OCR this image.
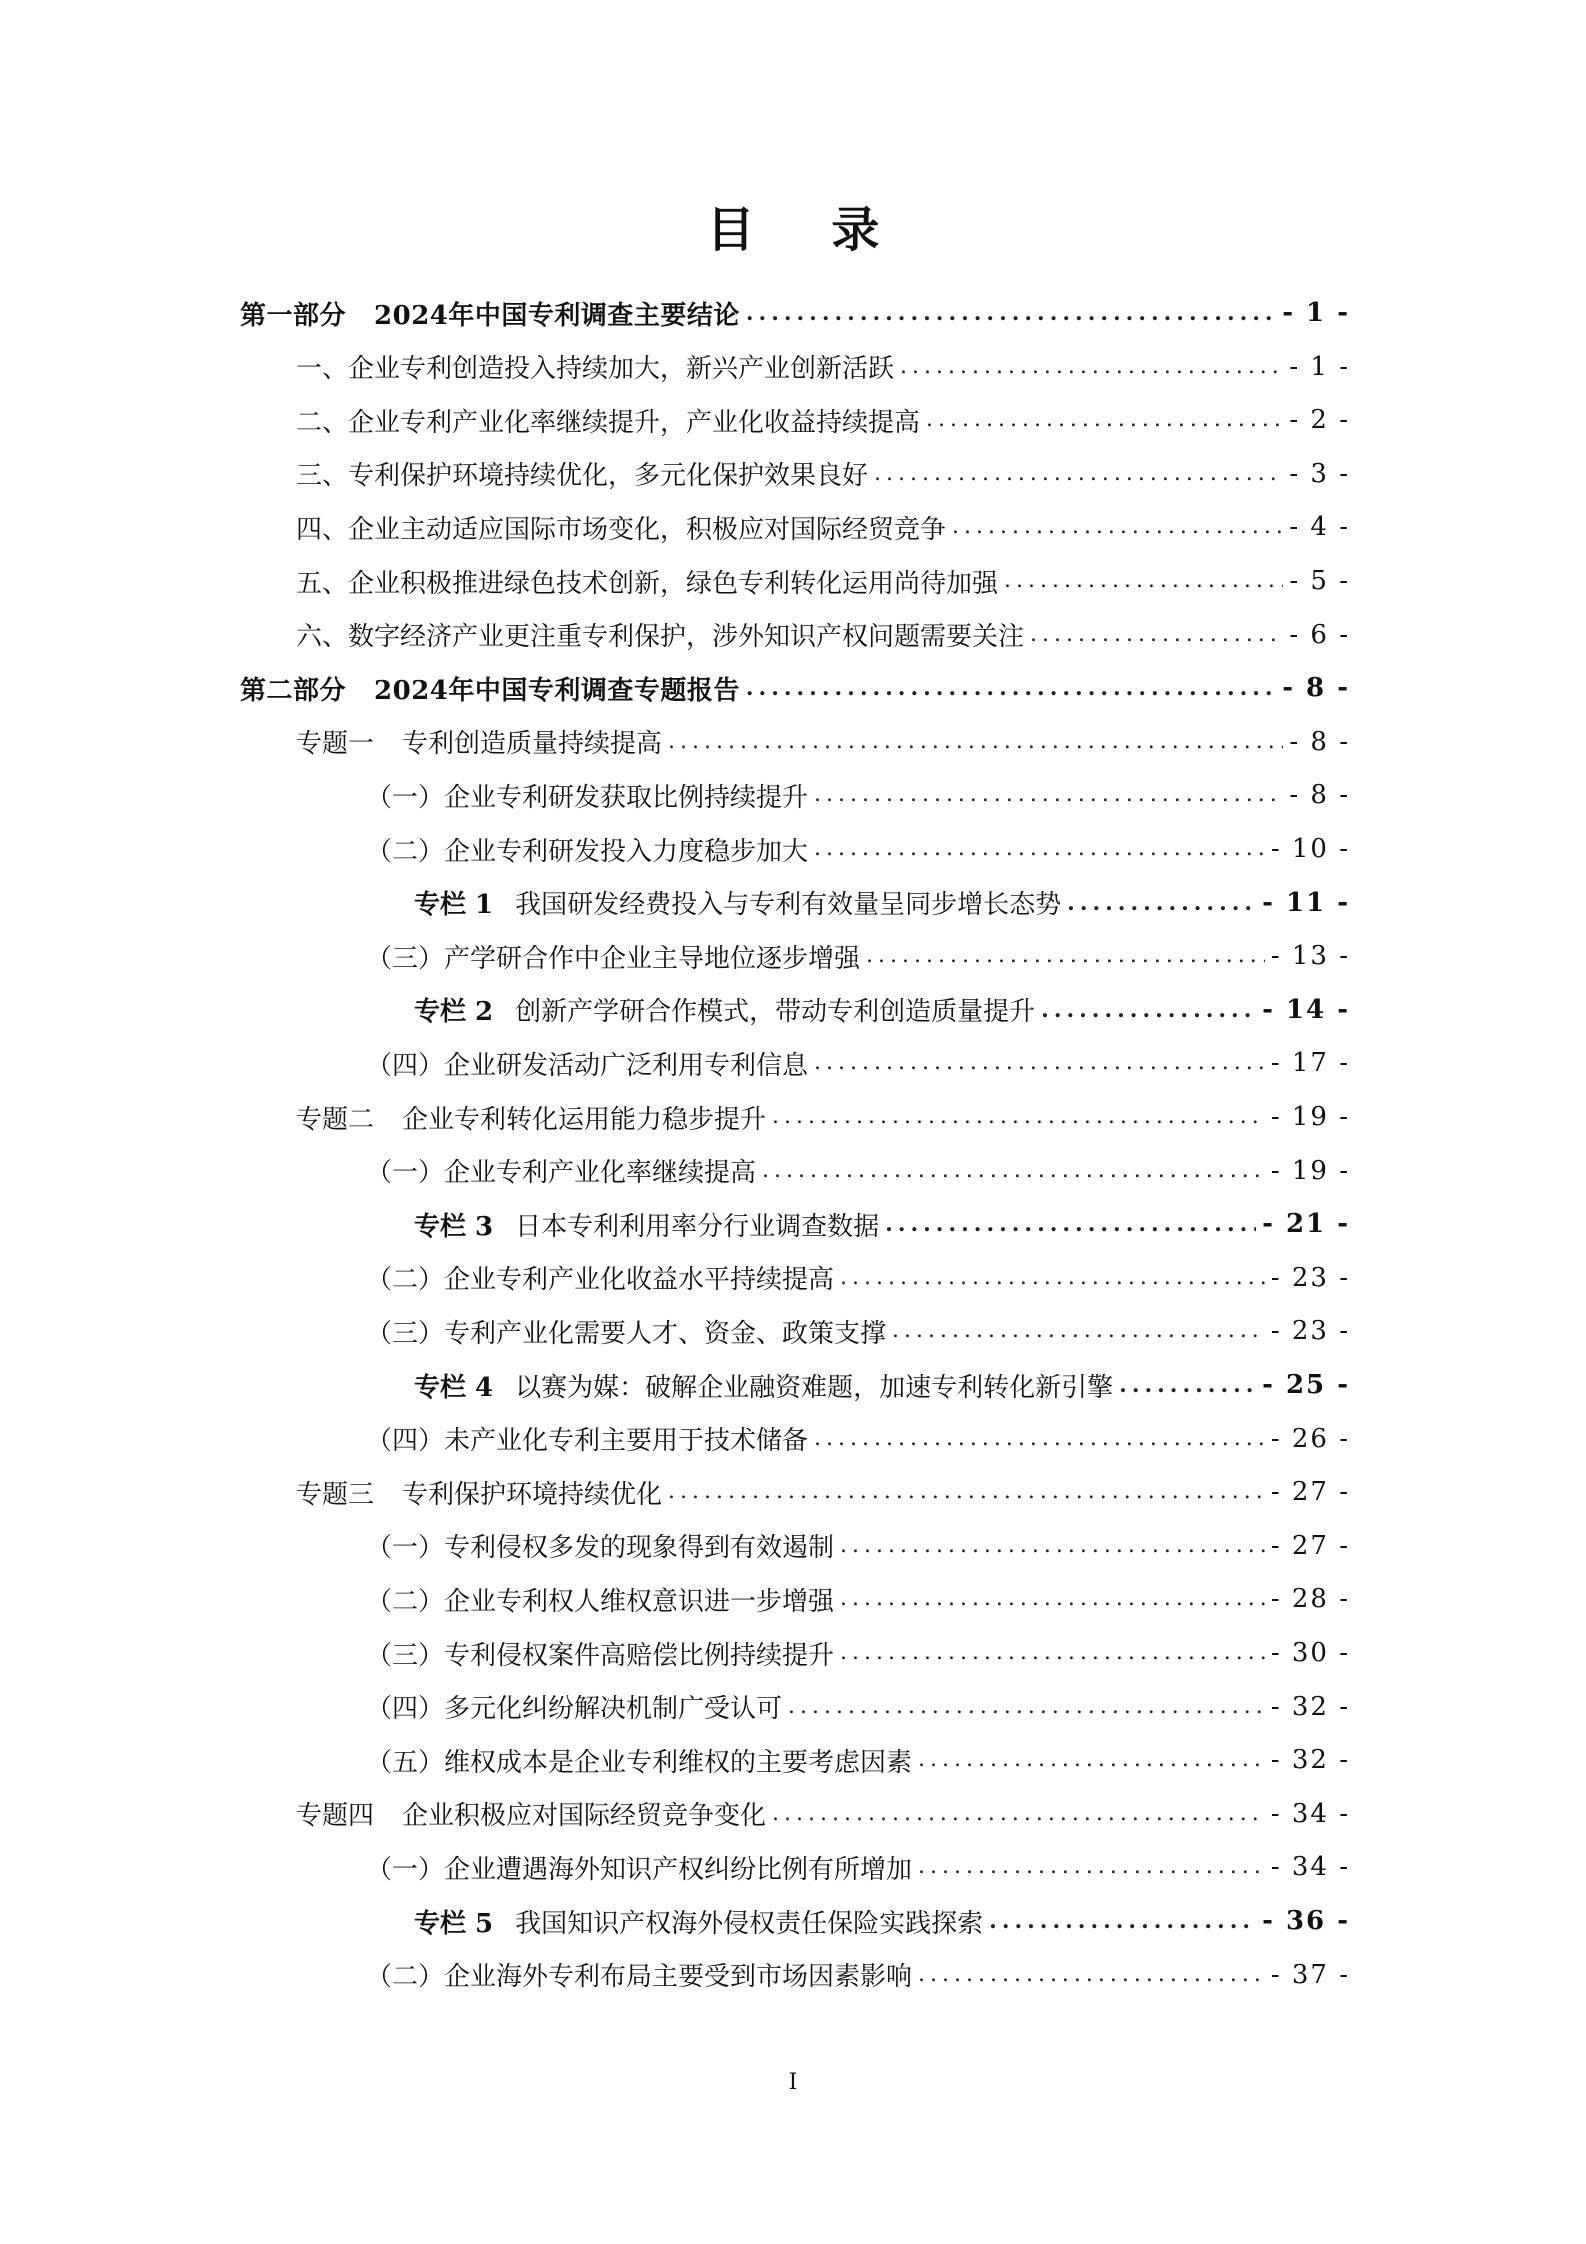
目 录
第一部分 2024年中国专利调查主要结论 .....	- 1 -
一、企业专利创造投入持续加大，新兴产业创新活跃 .....	- 1 -
二、企业专利产业化率继续提升，产业化收益持续提高 .....	- 2 -
三、专利保护环境持续优化，多元化保护效果良好 .....	- 3 -
四、企业主动适应国际市场变化，积极应对国际经贸竞争 .....	- 4 -
五、企业积极推进绿色技术创新，绿色专利转化运用尚待加强 .....	- 5 -
六、数字经济产业更注重专利保护，涉外知识产权问题需要关注 .....	- 6 -
第二部分 2024年中国专利调查专题报告 .....	- 8 -
专题一 专利创造质量持续提高 .....	- 8 -
（一）企业专利研发获取比例持续提升 .....	- 8 -
（二）企业专利研发投入力度稳步加大 .....	- 10 -
专栏 1 我国研发经费投入与专利有效量呈同步增长态势 .....	- 11 -
（三）产学研合作中企业主导地位逐步增强 .....	- 13 -
专栏 2 创新产学研合作模式，带动专利创造质量提升 .....	- 14 -
（四）企业研发活动广泛利用专利信息 .....	- 17 -
专题二 企业专利转化运用能力稳步提升 .....	- 19 -
（一）企业专利产业化率继续提高 .....	- 19 -
专栏 3 日本专利利用率分行业调查数据 .....	- 21 -
（二）企业专利产业化收益水平持续提高 .....	- 23 -
（三）专利产业化需要人才、资金、政策支撑 .....	- 23 -
专栏 4 以赛为媒：破解企业融资难题，加速专利转化新引擎 .....	- 25 -
（四）未产业化专利主要用于技术储备 .....	- 26 -
专题三 专利保护环境持续优化 .....	- 27 -
（一）专利侵权多发的现象得到有效遏制 .....	- 27 -
（二）企业专利权人维权意识进一步增强 .....	- 28 -
（三）专利侵权案件高赔偿比例持续提升 .....	- 30 -
（四）多元化纠纷解决机制广受认可 .....	- 32 -
（五）维权成本是企业专利维权的主要考虑因素 .....	- 32 -
专题四 企业积极应对国际经贸竞争变化 .....	- 34 -
（一）企业遭遇海外知识产权纠纷比例有所增加 .....	- 34 -
专栏 5 我国知识产权海外侵权责任保险实践探索 .....	- 36 -
（二）企业海外专利布局主要受到市场因素影响 .....	- 37 -
I
